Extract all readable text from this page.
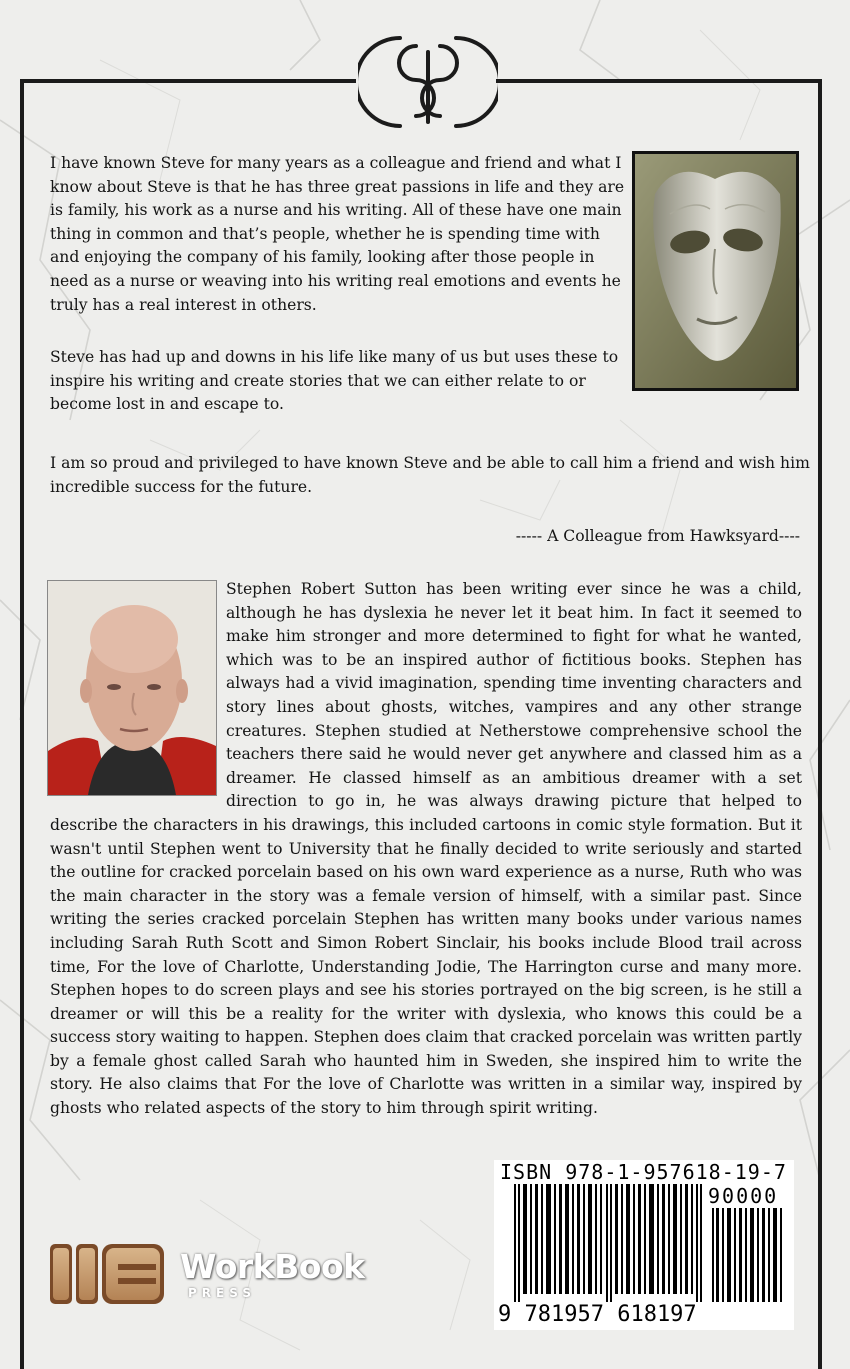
I have known Steve for many years as a colleague and friend and what I know about Steve is that he has three great passions in life and they are is family, his work as a nurse and his writing. All of these have one main thing in common and that’s people, whether he is spending time with and enjoying the company of his family, looking after those people in need as a nurse or weaving into his writing real emotions and events he truly has a real interest in others.
Steve has had up and downs in his life like many of us but uses these to inspire his writing and create stories that we can either relate to or become lost in and escape to.
I am so proud and privileged to have known Steve and be able to call him a friend and wish him incredible success for the future.
----- A Colleague from Hawksyard----
Stephen Robert Sutton has been writing ever since he was a child, although he has dyslexia he never let it beat him. In fact it seemed to make him stronger and more determined to fight for what he wanted, which was to be an inspired author of fictitious books. Stephen has always had a vivid imagination, spending time inventing characters and story lines about ghosts, witches, vampires and any other strange creatures. Stephen studied at Netherstowe comprehensive school the teachers there said he would never get anywhere and classed him as a dreamer. He classed himself as an ambitious dreamer with a set direction to go in, he was always drawing picture that helped to describe the characters in his drawings, this included cartoons in comic style formation. But it wasn't until Stephen went to University that he finally decided to write seriously and started the outline for cracked porcelain based on his own ward experience as a nurse, Ruth who was the main character in the story was a female version of himself, with a similar past. Since writing the series cracked porcelain Stephen has written many books under various names including Sarah Ruth Scott and Simon Robert Sinclair, his books include Blood trail across time, For the love of Charlotte, Understanding Jodie, The Harrington curse and many more. Stephen hopes to do screen plays and see his stories portrayed on the big screen, is he still a dreamer or will this be a reality for the writer with dyslexia, who knows this could be a success story waiting to happen. Stephen does claim that cracked porcelain was written partly by a female ghost called Sarah who haunted him in Sweden, she inspired him to write the story. He also claims that For the love of Charlotte was written in a similar way, inspired by ghosts who related aspects of the story to him through spirit writing.
ISBN 978-1-957618-19-7
90000
9 781957 618197
WorkBook
PRESS
